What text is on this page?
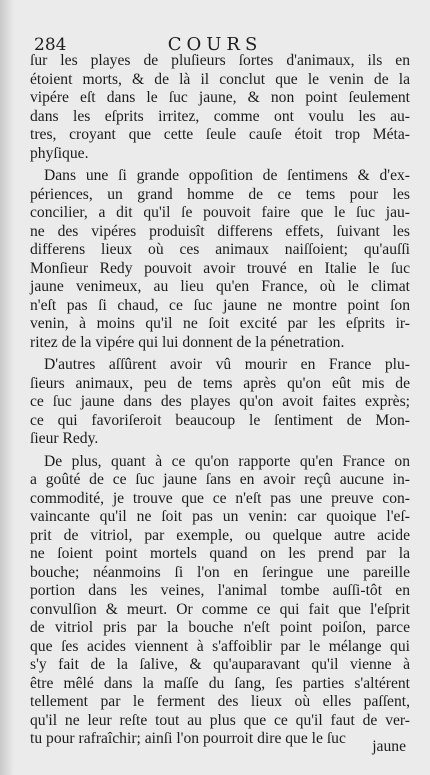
284	COURS
ſur les playes de pluſieurs ſortes d'animaux, ils en
étoient morts, & de là il conclut que le venin de la
vipére eſt dans le ſuc jaune, & non point ſeulement
dans les eſprits irritez, comme ont voulu les au-
tres, croyant que cette ſeule cauſe étoit trop Méta-
phyſique.
Dans une ſi grande oppoſition de ſentimens & d'ex-
périences, un grand homme de ce tems pour les
concilier, a dit qu'il ſe pouvoit faire que le ſuc jau-
ne des vipéres produisît differens effets, ſuivant les
differens lieux où ces animaux naiſſoient; qu'auſſi
Monſieur Redy pouvoit avoir trouvé en Italie le ſuc
jaune venimeux, au lieu qu'en France, où le climat
n'eſt pas ſi chaud, ce ſuc jaune ne montre point ſon
venin, à moins qu'il ne ſoit excité par les eſprits ir-
ritez de la vipére qui lui donnent de la pénetration.
D'autres aſſûrent avoir vû mourir en France plu-
ſieurs animaux, peu de tems après qu'on eût mis de
ce ſuc jaune dans des playes qu'on avoit faites exprès;
ce qui favoriſeroit beaucoup le ſentiment de Mon-
ſieur Redy.
De plus, quant à ce qu'on rapporte qu'en France on
a goûté de ce ſuc jaune ſans en avoir reçû aucune in-
commodité, je trouve que ce n'eſt pas une preuve con-
vaincante qu'il ne ſoit pas un venin: car quoique l'eſ-
prit de vitriol, par exemple, ou quelque autre acide
ne ſoient point mortels quand on les prend par la
bouche; néanmoins ſi l'on en ſeringue une pareille
portion dans les veines, l'animal tombe auſſi-tôt en
convulſion & meurt. Or comme ce qui fait que l'eſprit
de vitriol pris par la bouche n'eſt point poiſon, parce
que ſes acides viennent à s'affoiblir par le mélange qui
s'y fait de la ſalive, & qu'auparavant qu'il vienne à
être mêlé dans la maſſe du ſang, ſes parties s'altérent
tellement par le ferment des lieux où elles paſſent,
qu'il ne leur reſte tout au plus que ce qu'il faut de ver-
tu pour rafraîchir; ainſi l'on pourroit dire que le ſuc	jaune
